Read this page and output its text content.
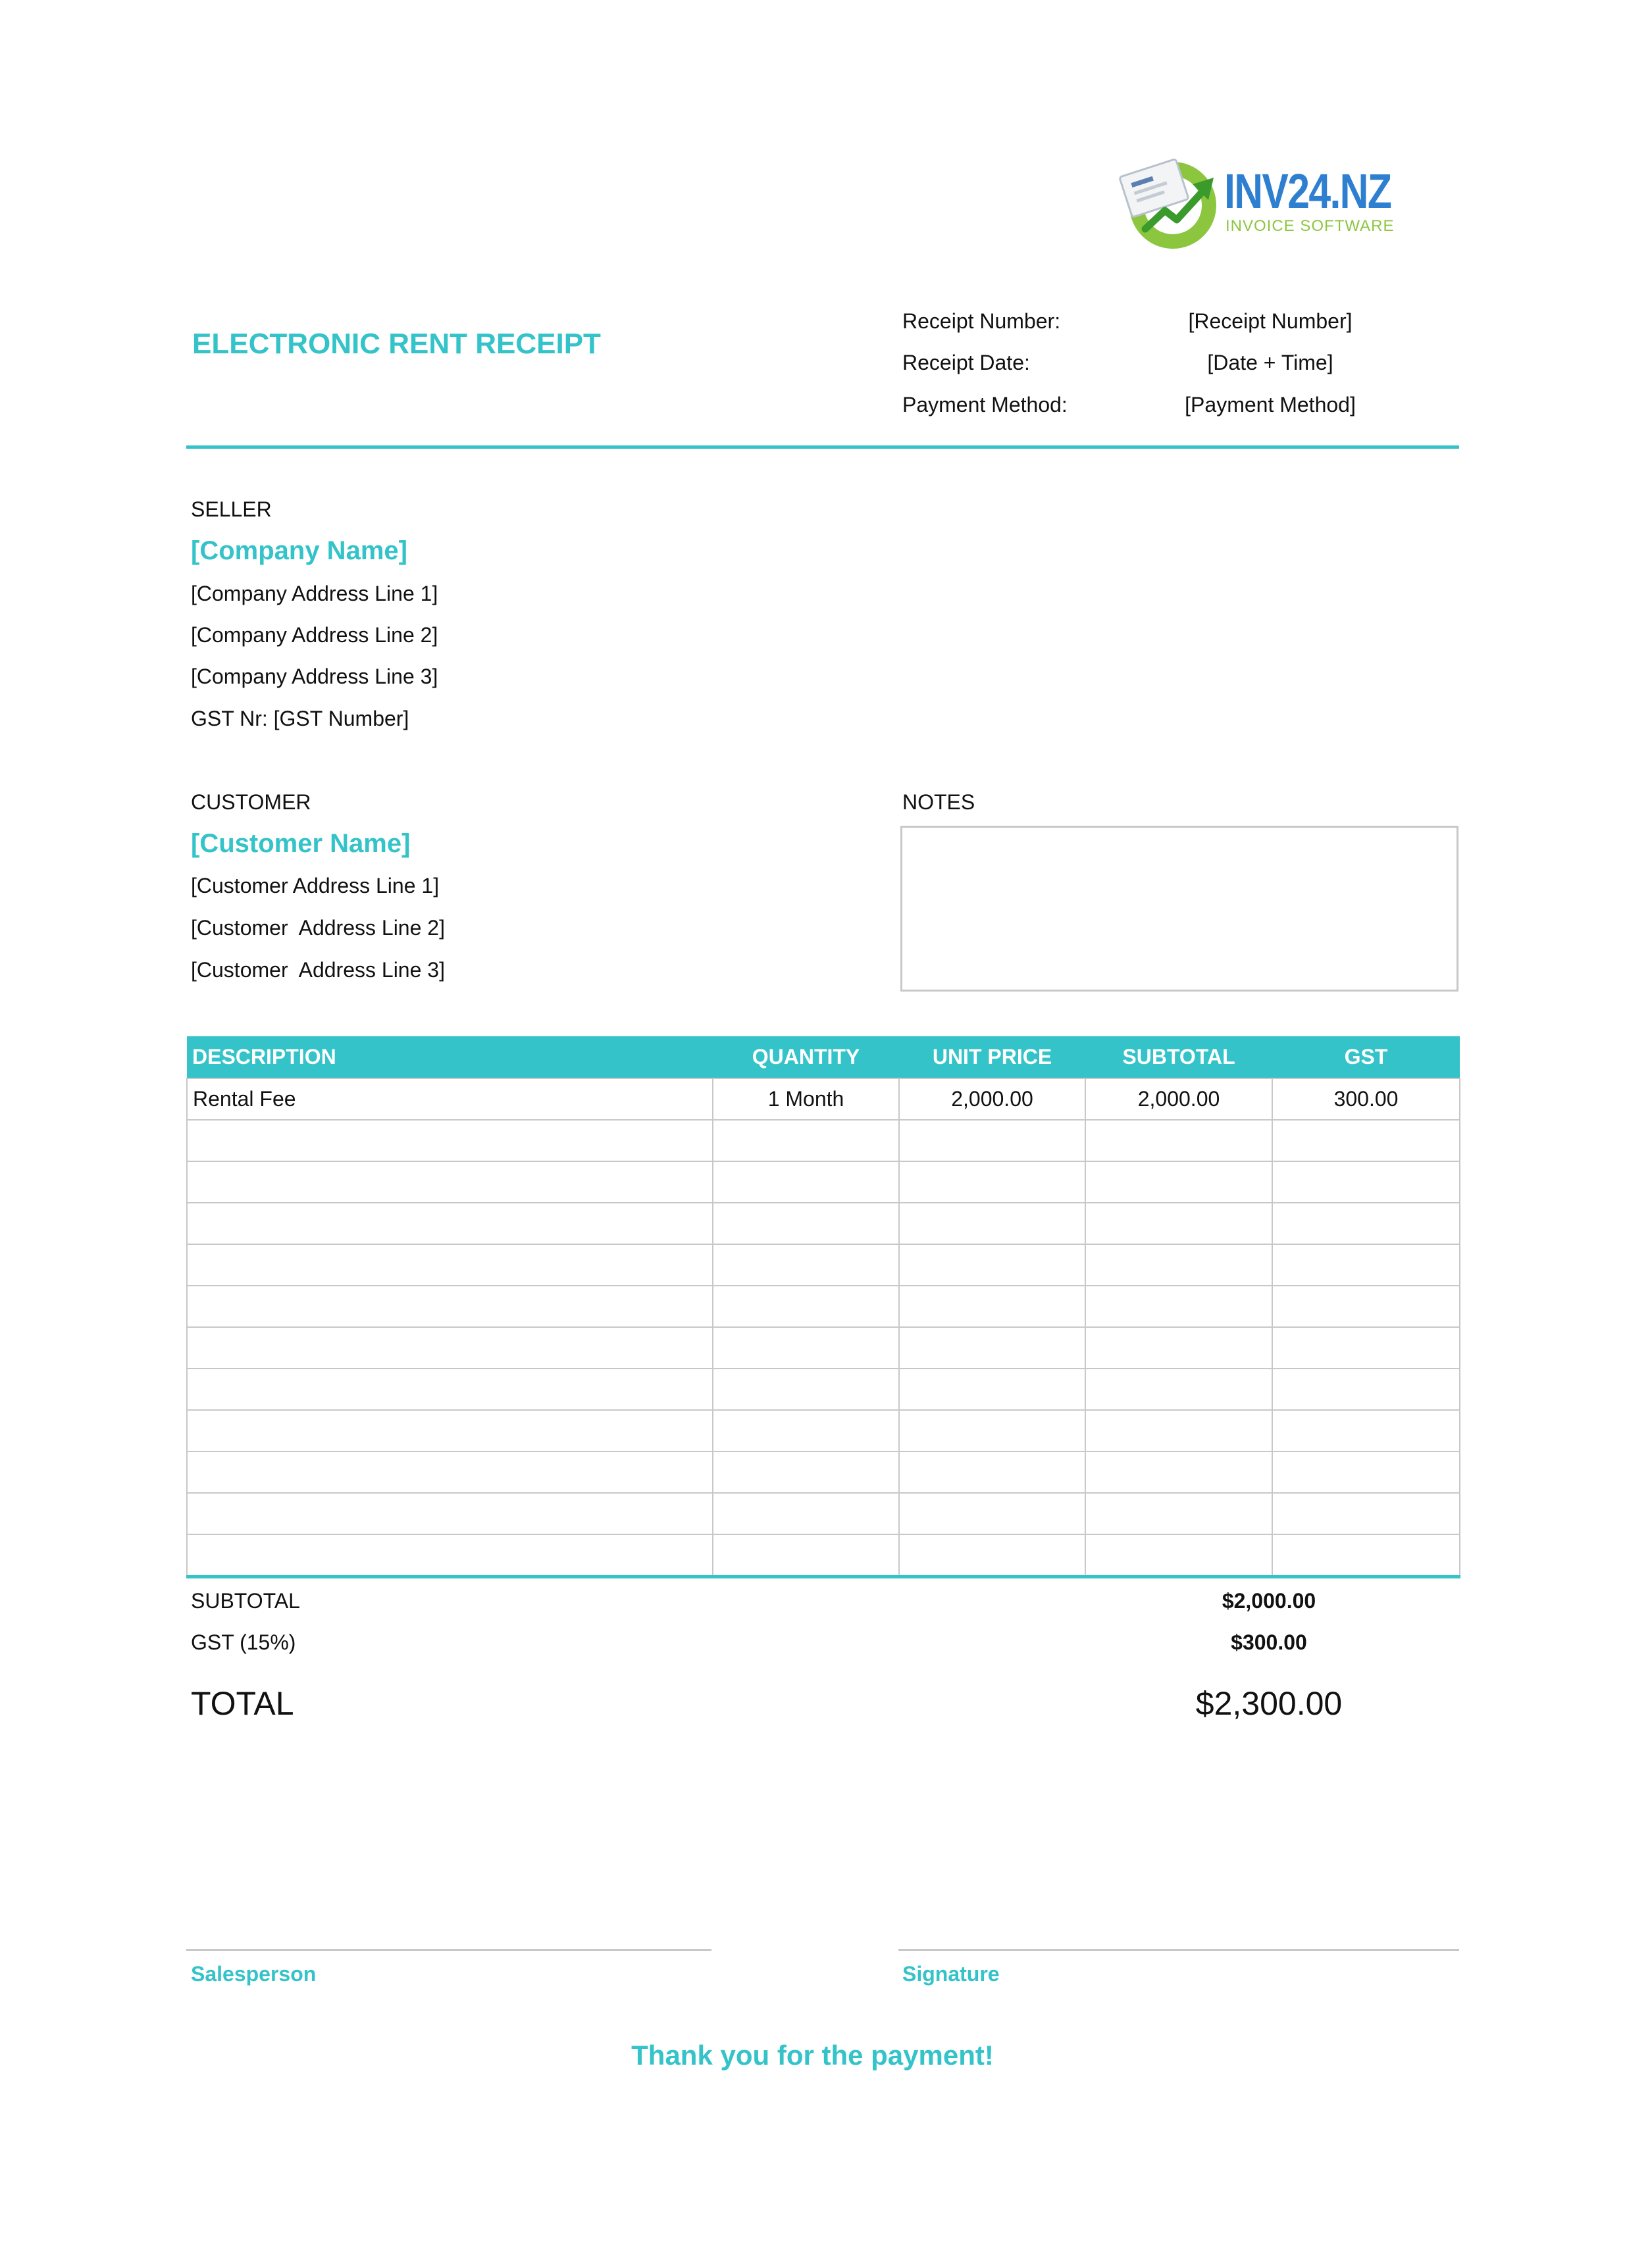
INV24.NZ
INVOICE SOFTWARE
ELECTRONIC RENT RECEIPT
Receipt Number:	[Receipt Number]
Receipt Date:	[Date + Time]
Payment Method:	[Payment Method]
SELLER
[Company Name]
[Company Address Line 1]
[Company Address Line 2]
[Company Address Line 3]
GST Nr: [GST Number]
CUSTOMER
[Customer Name]
[Customer Address Line 1]
[Customer  Address Line 2]
[Customer  Address Line 3]
NOTES
DESCRIPTION	QUANTITY	UNIT PRICE	SUBTOTAL	GST
Rental Fee	1 Month	2,000.00	2,000.00	300.00

SUBTOTAL	$2,000.00
GST (15%)	$300.00
TOTAL	$2,300.00
Salesperson	Signature
Thank you for the payment!
